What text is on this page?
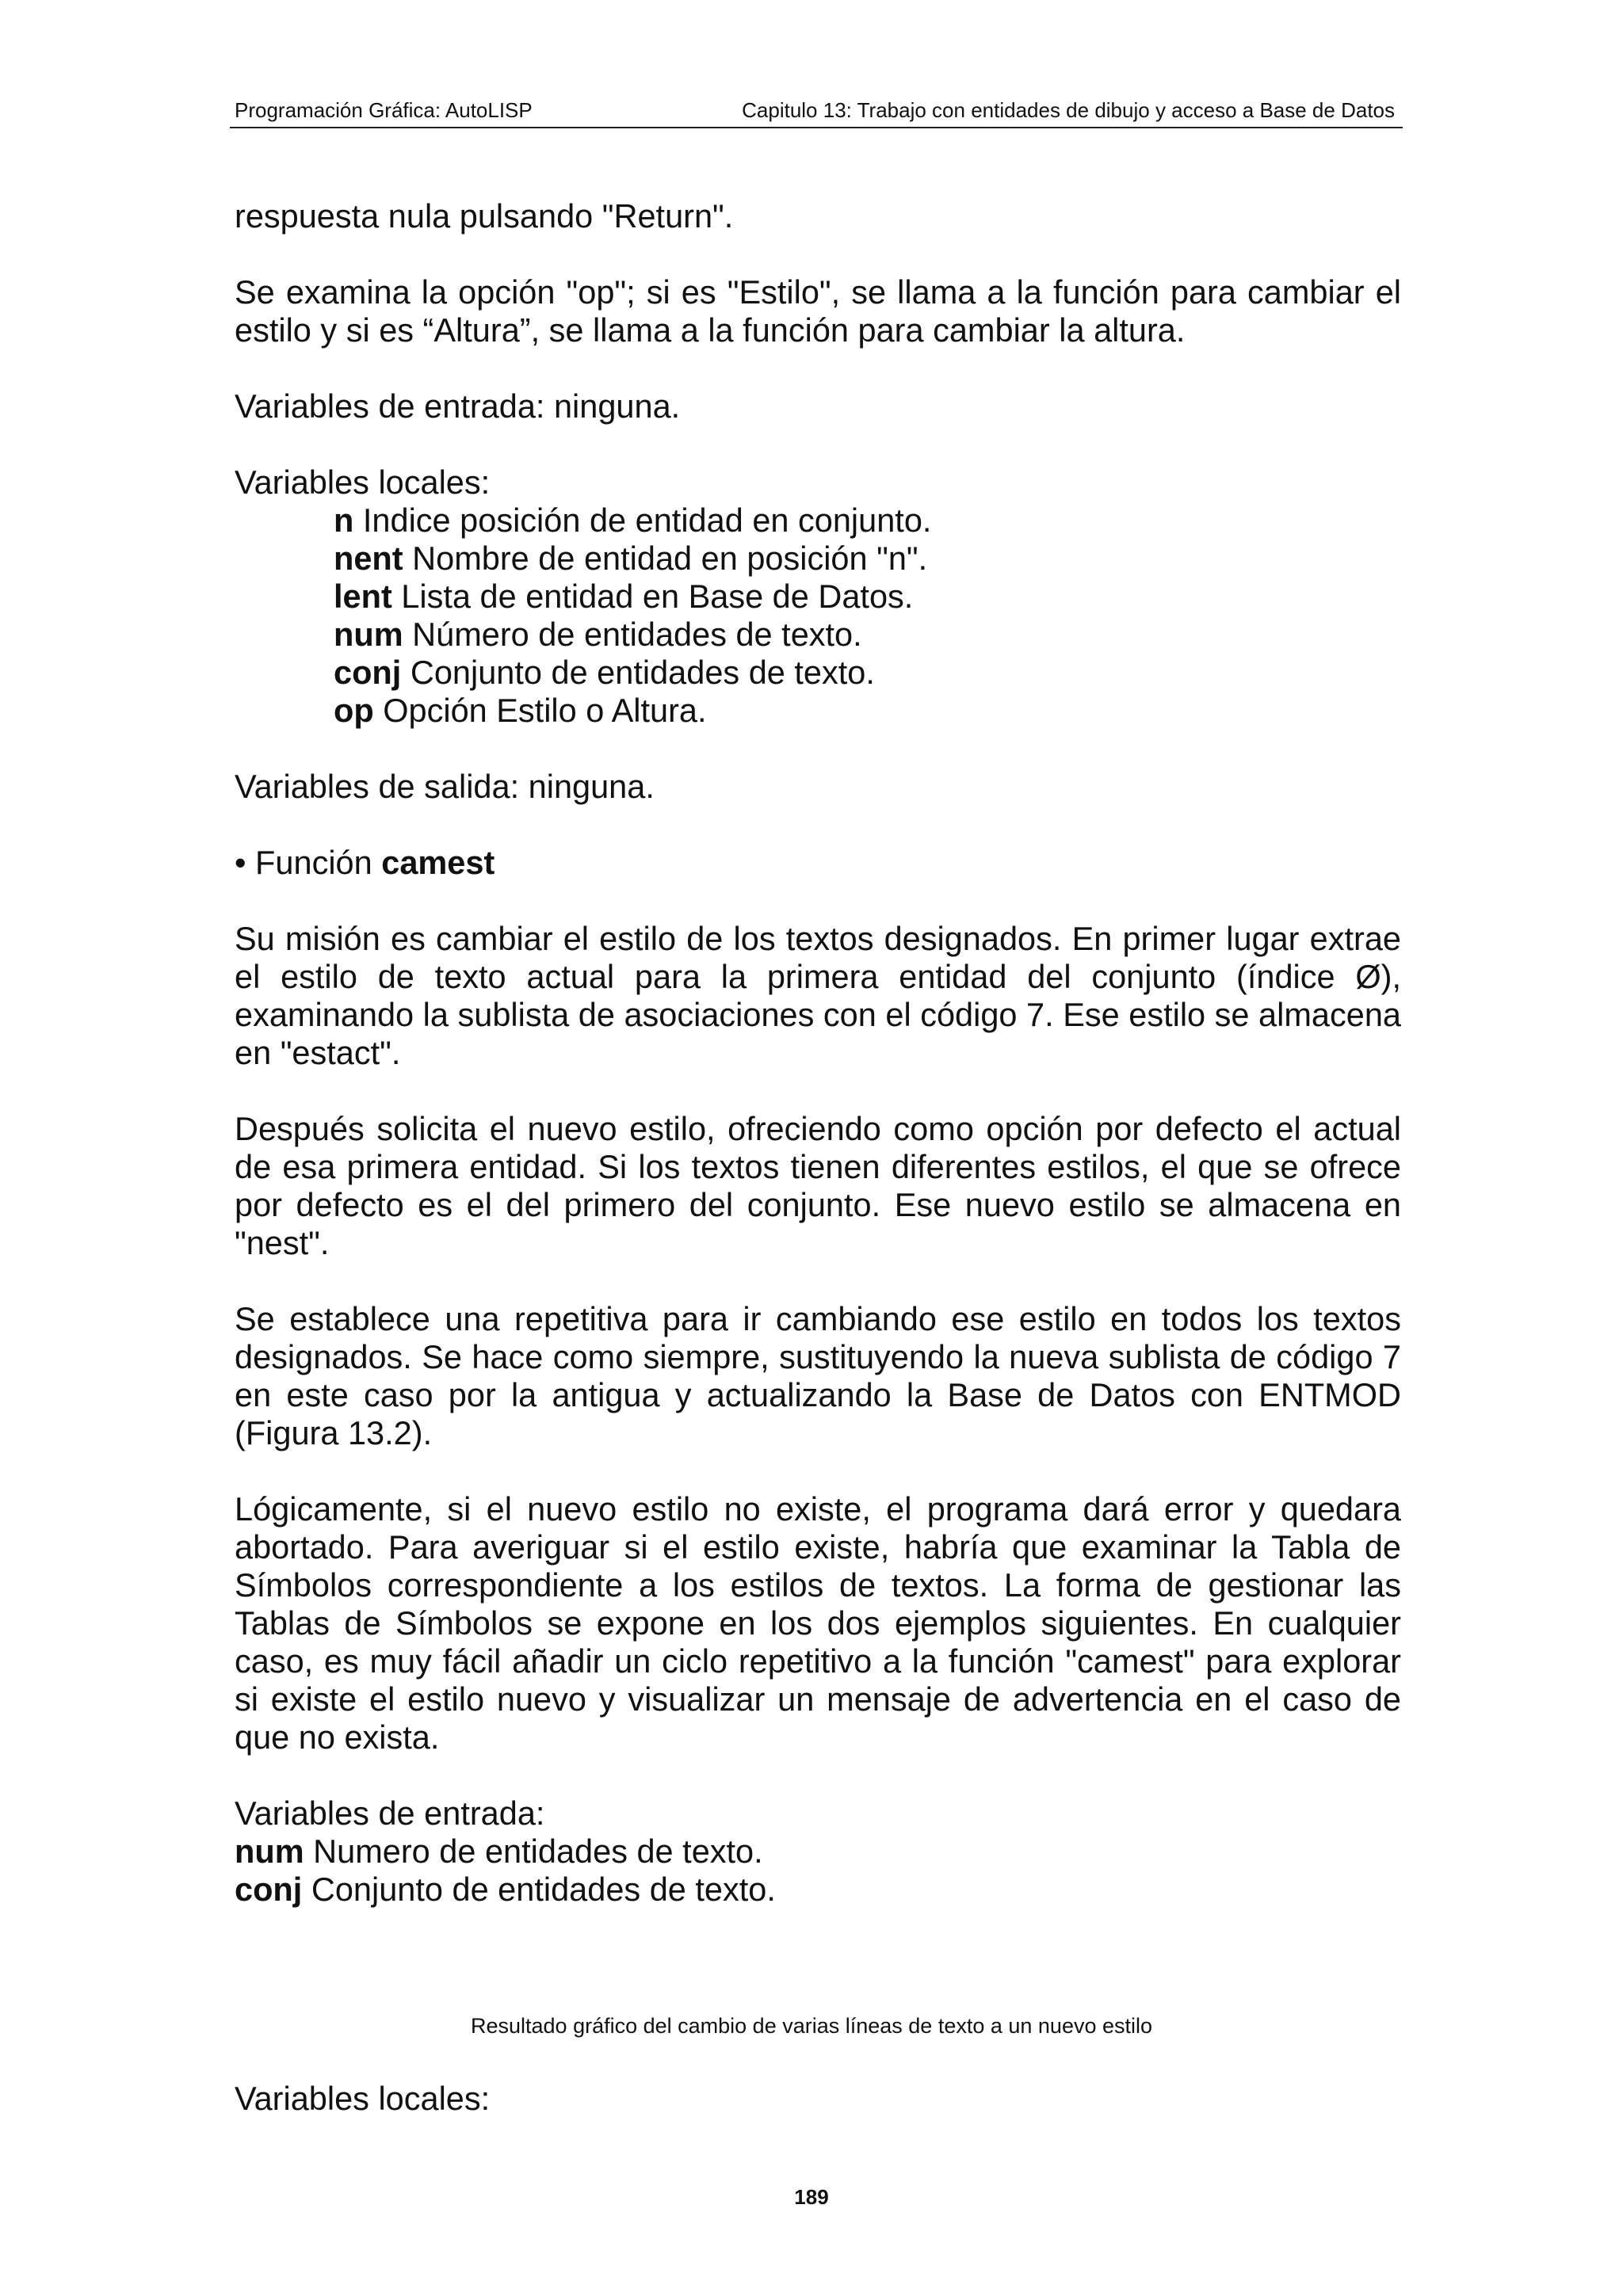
Programación Gráfica: AutoLISP	Capitulo 13: Trabajo con entidades de dibujo y acceso a Base de Datos

respuesta nula pulsando "Return".

Se examina la opción "op"; si es "Estilo", se llama a la función para cambiar el estilo y si es “Altura”, se llama a la función para cambiar la altura.

Variables de entrada: ninguna.

Variables locales:

n Indice posición de entidad en conjunto.
nent Nombre de entidad en posición "n".
lent Lista de entidad en Base de Datos.
num Número de entidades de texto.
conj Conjunto de entidades de texto.
op Opción Estilo o Altura.

Variables de salida: ninguna.

• Función camest

Su misión es cambiar el estilo de los textos designados. En primer lugar extrae el estilo de texto actual para la primera entidad del conjunto (índice Ø), examinando la sublista de asociaciones con el código 7. Ese estilo se almacena en "estact".

Después solicita el nuevo estilo, ofreciendo como opción por defecto el actual de esa primera entidad. Si los textos tienen diferentes estilos, el que se ofrece por defecto es el del primero del conjunto. Ese nuevo estilo se almacena en "nest".

Se establece una repetitiva para ir cambiando ese estilo en todos los textos designados. Se hace como siempre, sustituyendo la nueva sublista de código 7 en este caso por la antigua y actualizando la Base de Datos con ENTMOD (Figura 13.2).

Lógicamente, si el nuevo estilo no existe, el programa dará error y quedara abortado. Para averiguar si el estilo existe, habría que examinar la Tabla de Símbolos correspondiente a los estilos de textos. La forma de gestionar las Tablas de Símbolos se expone en los dos ejemplos siguientes. En cualquier caso, es muy fácil añadir un ciclo repetitivo a la función "camest" para explorar si existe el estilo nuevo y visualizar un mensaje de advertencia en el caso de que no exista.

Variables de entrada:

num Numero de entidades de texto.
conj Conjunto de entidades de texto.
Resultado gráfico del cambio de varias líneas de texto a un nuevo estilo

Variables locales:

189
